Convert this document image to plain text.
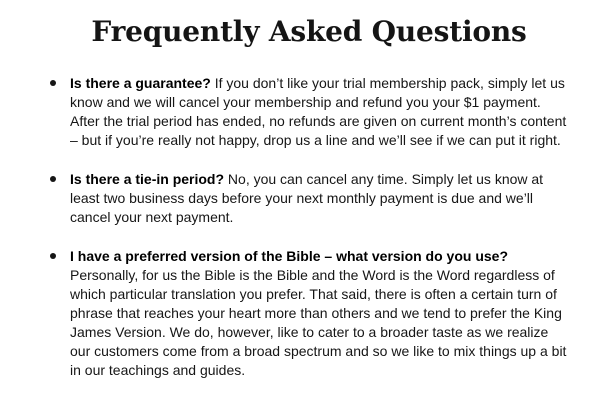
Frequently Asked Questions
Is there a guarantee? If you don’t like your trial membership pack, simply let us know and we will cancel your membership and refund you your $1 payment. After the trial period has ended, no refunds are given on current month’s content – but if you’re really not happy, drop us a line and we’ll see if we can put it right.
Is there a tie-in period? No, you can cancel any time. Simply let us know at least two business days before your next monthly payment is due and we’ll cancel your next payment.
I have a preferred version of the Bible – what version do you use? Personally, for us the Bible is the Bible and the Word is the Word regardless of which particular translation you prefer. That said, there is often a certain turn of phrase that reaches your heart more than others and we tend to prefer the King James Version. We do, however, like to cater to a broader taste as we realize our customers come from a broad spectrum and so we like to mix things up a bit in our teachings and guides.
